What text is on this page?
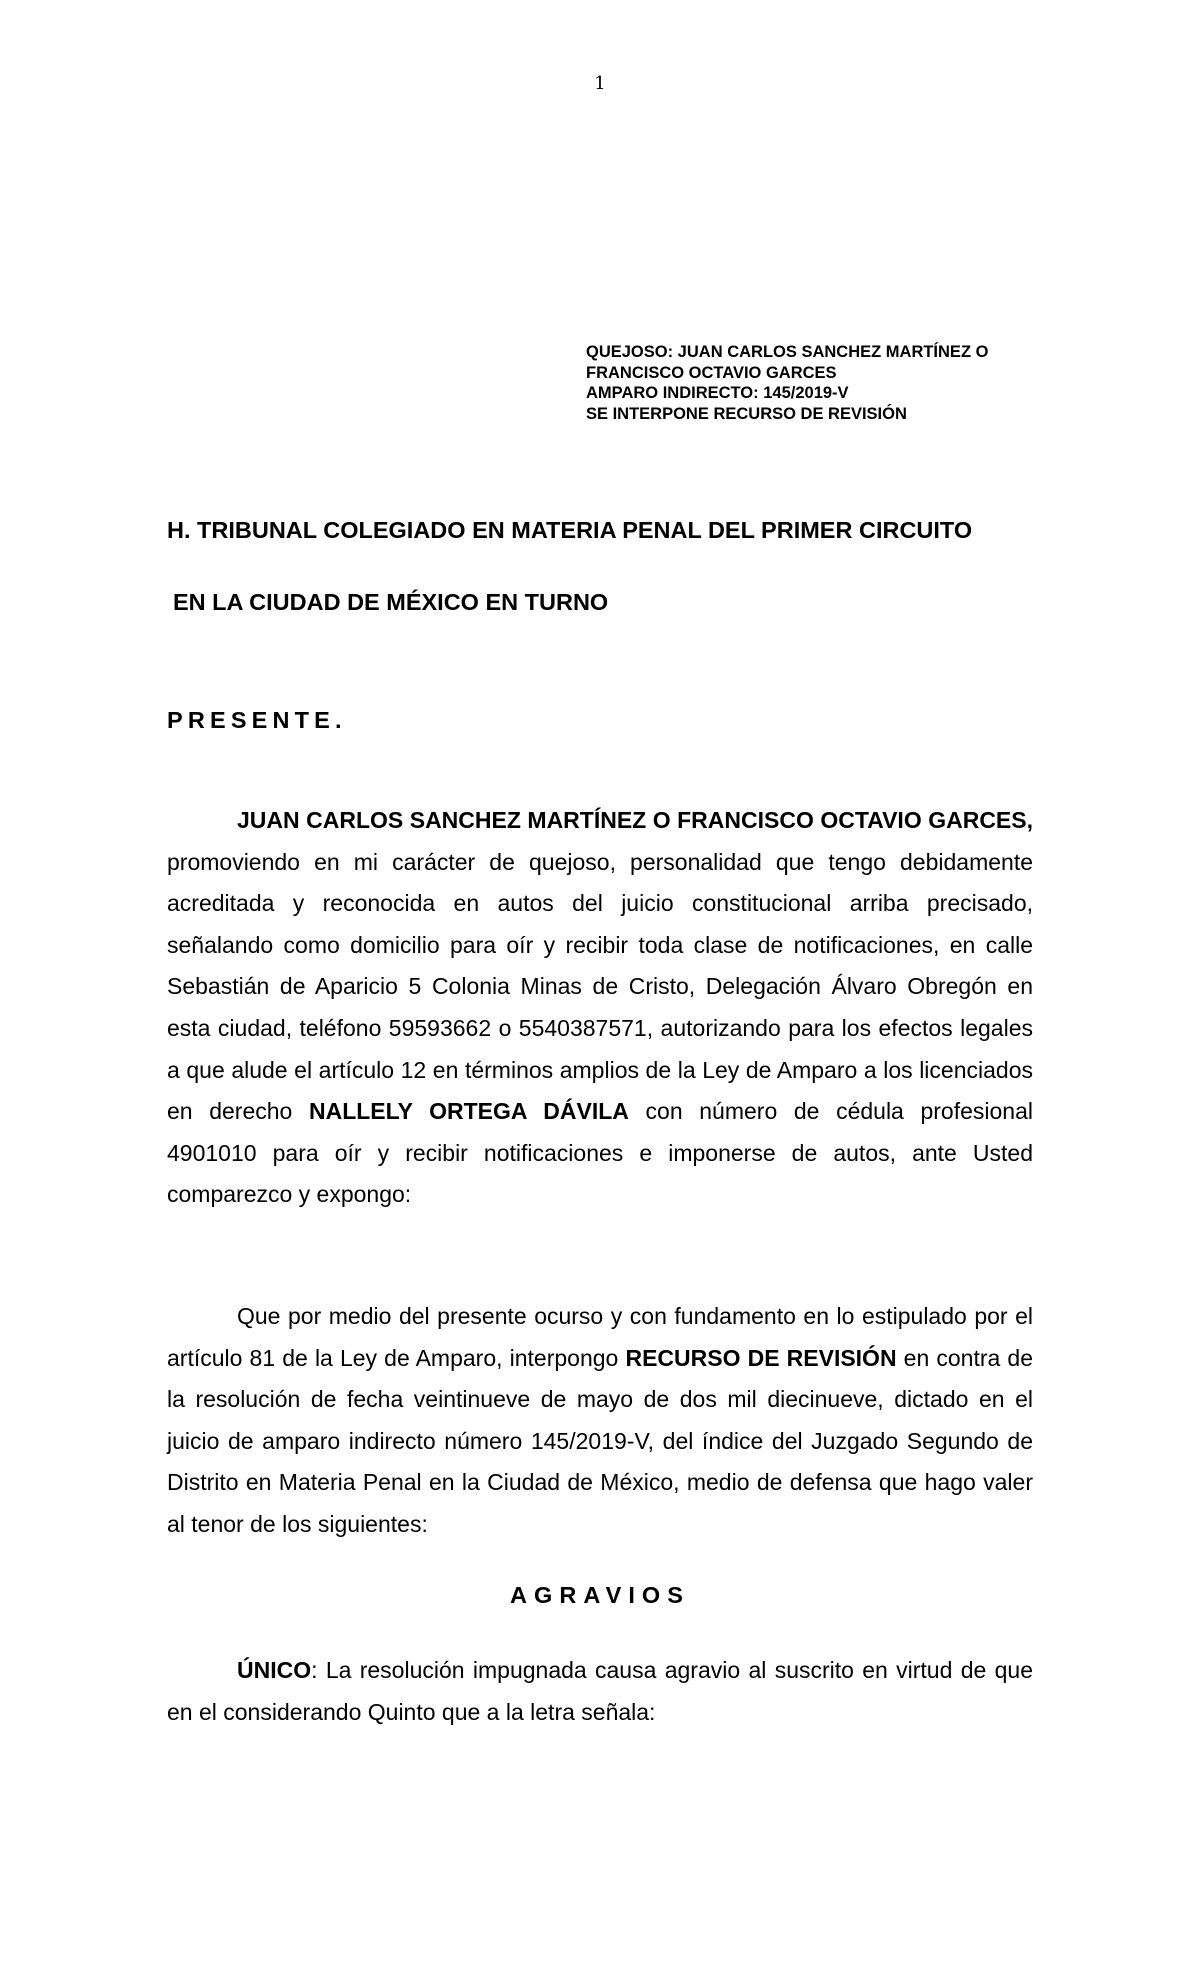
1
QUEJOSO: JUAN CARLOS SANCHEZ MARTÍNEZ O
FRANCISCO OCTAVIO GARCES
AMPARO INDIRECTO: 145/2019-V
SE INTERPONE RECURSO DE REVISIÓN
H. TRIBUNAL COLEGIADO EN MATERIA PENAL DEL PRIMER CIRCUITO
EN LA CIUDAD DE MÉXICO EN TURNO
PRESENTE.

JUAN CARLOS SANCHEZ MARTÍNEZ O FRANCISCO OCTAVIO GARCES, promoviendo en mi carácter de quejoso, personalidad que tengo debidamente acreditada y reconocida en autos del juicio constitucional arriba precisado, señalando como domicilio para oír y recibir toda clase de notificaciones, en calle Sebastián de Aparicio 5 Colonia Minas de Cristo, Delegación Álvaro Obregón en esta ciudad, teléfono 59593662 o 5540387571, autorizando para los efectos legales a que alude el artículo 12 en términos amplios de la Ley de Amparo a los licenciados en derecho NALLELY ORTEGA DÁVILA con número de cédula profesional 4901010 para oír y recibir notificaciones e imponerse de autos, ante Usted comparezco y expongo:

Que por medio del presente ocurso y con fundamento en lo estipulado por el artículo 81 de la Ley de Amparo, interpongo RECURSO DE REVISIÓN en contra de la resolución de fecha veintinueve de mayo de dos mil diecinueve, dictado en el juicio de amparo indirecto número 145/2019-V, del índice del Juzgado Segundo de Distrito en Materia Penal en la Ciudad de México, medio de defensa que hago valer al tenor de los siguientes:

AGRAVIOS

ÚNICO: La resolución impugnada causa agravio al suscrito en virtud de que en el considerando Quinto que a la letra señala:
